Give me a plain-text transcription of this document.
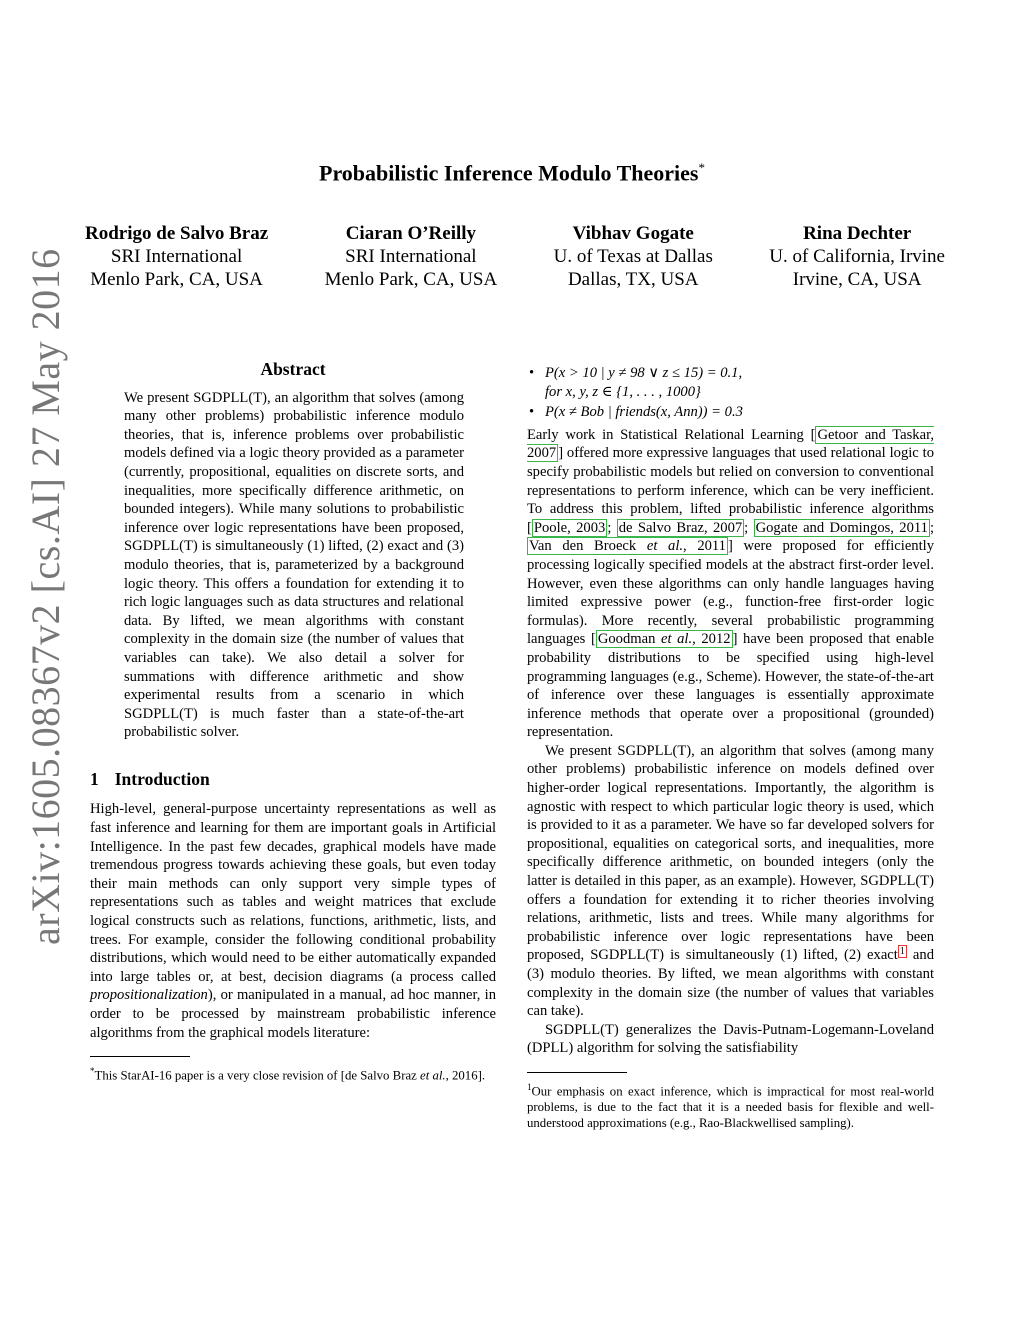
Probabilistic Inference Modulo Theories*
Rodrigo de Salvo Braz
SRI International
Menlo Park, CA, USA
Ciaran O’Reilly
SRI International
Menlo Park, CA, USA
Vibhav Gogate
U. of Texas at Dallas
Dallas, TX, USA
Rina Dechter
U. of California, Irvine
Irvine, CA, USA
arXiv:1605.08367v2 [cs.AI] 27 May 2016	Abstract

We present SGDPLL(T), an algorithm that solves (among many other problems) probabilistic inference modulo theories, that is, inference problems over probabilistic models defined via a logic theory provided as a parameter (currently, propositional, equalities on discrete sorts, and inequalities, more specifically difference arithmetic, on bounded integers). While many solutions to probabilistic inference over logic representations have been proposed, SGDPLL(T) is simultaneously (1) lifted, (2) exact and (3) modulo theories, that is, parameterized by a background logic theory. This offers a foundation for extending it to rich logic languages such as data structures and relational data. By lifted, we mean algorithms with constant complexity in the domain size (the number of values that variables can take). We also detail a solver for summations with difference arithmetic and show experimental results from a scenario in which SGDPLL(T) is much faster than a state-of-the-art probabilistic solver.

1 Introduction

High-level, general-purpose uncertainty representations as well as fast inference and learning for them are important goals in Artificial Intelligence. In the past few decades, graphical models have made tremendous progress towards achieving these goals, but even today their main methods can only support very simple types of representations such as tables and weight matrices that exclude logical constructs such as relations, functions, arithmetic, lists, and trees. For example, consider the following conditional probability distributions, which would need to be either automatically expanded into large tables or, at best, decision diagrams (a process called propositionalization), or manipulated in a manual, ad hoc manner, in order to be processed by mainstream probabilistic inference algorithms from the graphical models literature:

*This StarAI-16 paper is a very close revision of [de Salvo Braz et al., 2016].

• P(x > 10 | y ≠ 98 ∨ z ≤ 15) = 0.1,
for x, y, z ∈ {1, . . . , 1000}
• P(x ≠ Bob | friends(x, Ann)) = 0.3

Early work in Statistical Relational Learning [ Getoor and Taskar, 2007 ] offered more expressive languages that used relational logic to specify probabilistic models but relied on conversion to conventional representations to perform inference, which can be very inefficient. To address this problem, lifted probabilistic inference algorithms [ Poole, 2003 ; de Salvo Braz, 2007 ; Gogate and Domingos, 2011 ; Van den Broeck et al., 2011 ] were proposed for efficiently processing logically specified models at the abstract first-order level. However, even these algorithms can only handle languages having limited expressive power (e.g., function-free first-order logic formulas). More recently, several probabilistic programming languages [ Goodman et al., 2012 ] have been proposed that enable probability distributions to be specified using high-level programming languages (e.g., Scheme). However, the state-of-the-art of inference over these languages is essentially approximate inference methods that operate over a propositional (grounded) representation.

We present SGDPLL(T), an algorithm that solves (among many other problems) probabilistic inference on models defined over higher-order logical representations. Importantly, the algorithm is agnostic with respect to which particular logic theory is used, which is provided to it as a parameter. We have so far developed solvers for propositional, equalities on categorical sorts, and inequalities, more specifically difference arithmetic, on bounded integers (only the latter is detailed in this paper, as an example). However, SGDPLL(T) offers a foundation for extending it to richer theories involving relations, arithmetic, lists and trees. While many algorithms for probabilistic inference over logic representations have been proposed, SGDPLL(T) is simultaneously (1) lifted, (2) exact $^1$ and (3) modulo theories. By lifted, we mean algorithms with constant complexity in the domain size (the number of values that variables can take).

SGDPLL(T) generalizes the Davis-Putnam-Logemann-Loveland (DPLL) algorithm for solving the satisfiability

$^1$Our emphasis on exact inference, which is impractical for most real-world problems, is due to the fact that it is a needed basis for flexible and well-understood approximations (e.g., Rao-Blackwellised sampling).
